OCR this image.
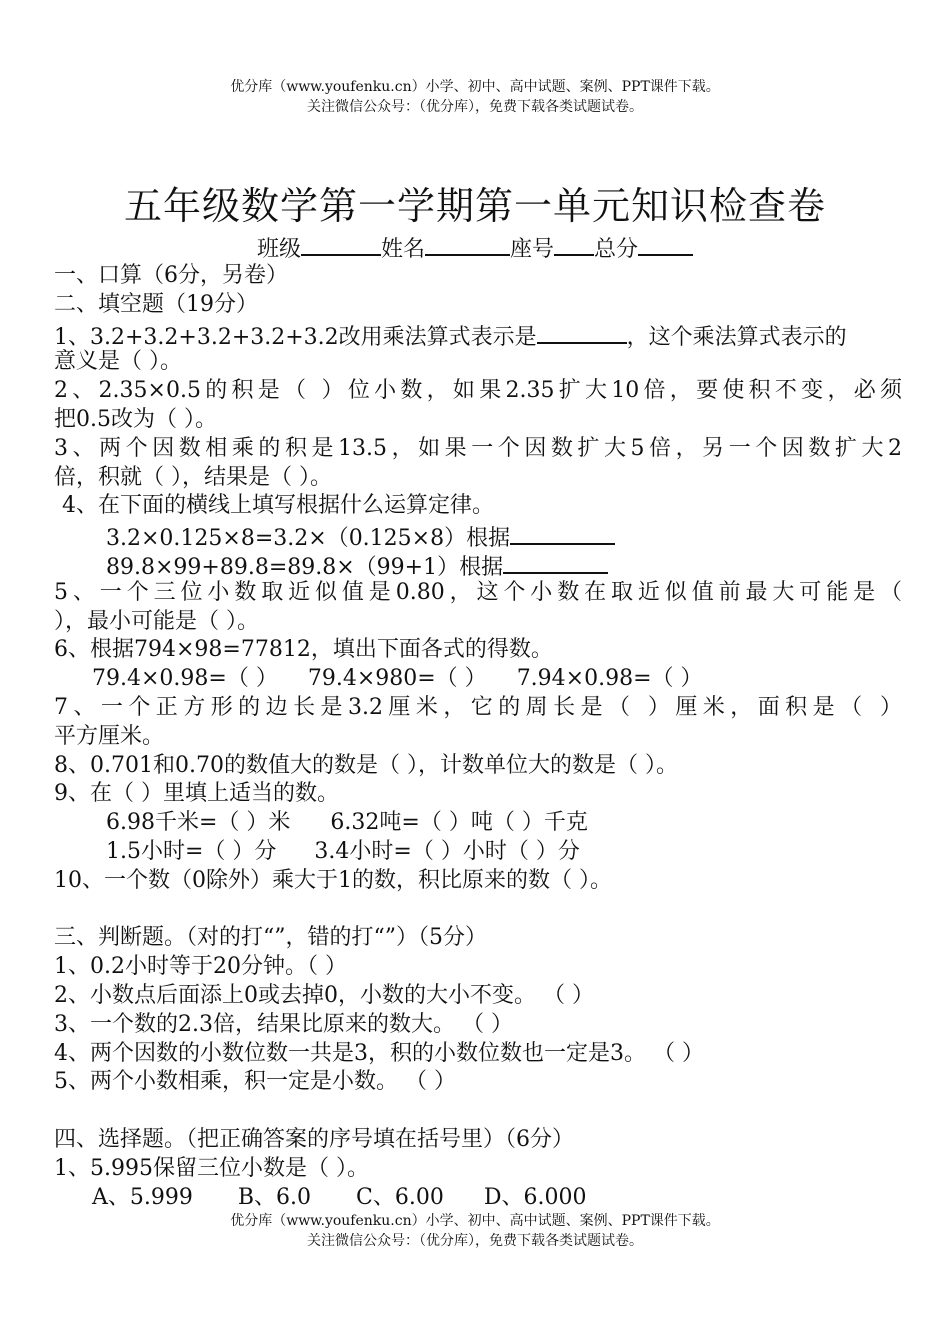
优分库（www.youfenku.cn）小学、初中、高中试题、案例、PPT课件下载。
关注微信公众号：（优分库），免费下载各类试题试卷。
五年级数学第一学期第一单元知识检查卷
班级	姓名	座号 总分
一、口算（6分，另卷）
二、填空题（19分）
1、3.2+3.2+3.2+3.2+3.2改用乘法算式表示是	，这个乘法算式表示的
意义是（ ）。
2、2.35×0.5的积是（ ）位小数，如果2.35扩大10倍，要使积不变，必须
把0.5改为（ ）。
3、两个因数相乘的积是13.5，如果一个因数扩大5倍，另一个因数扩大2
倍，积就（ ），结果是（ ）。
4、在下面的横线上填写根据什么运算定律。
3.2×0.125×8=3.2×（0.125×8）根据
89.8×99+89.8=89.8×（99+1）根据
5、一个三位小数取近似值是0.80，这个小数在取近似值前最大可能是（
），最小可能是（ ）。
6、根据794×98=77812，填出下面各式的得数。
79.4×0.98=（ ） 79.4×980=（ ） 7.94×0.98=（ ）
7、一个正方形的边长是3.2厘米，它的周长是（ ）厘米，面积是（ ）
平方厘米。
8、0.701和0.70的数值大的数是（ ），计数单位大的数是（ ）。
9、在（ ）里填上适当的数。
6.98千米=（ ）米 6.32吨=（ ）吨（ ）千克
1.5小时=（ ）分 3.4小时=（ ）小时（ ）分
10、一个数（0除外）乘大于1的数，积比原来的数（ ）。
三、判断题。（对的打“”，错的打“”）（5分）
1、0.2小时等于20分钟。（ ）
2、小数点后面添上0或去掉0，小数的大小不变。 （ ）
3、一个数的2.3倍，结果比原来的数大。 （ ）
4、两个因数的小数位数一共是3，积的小数位数也一定是3。 （ ）
5、两个小数相乘，积一定是小数。 （ ）
四、选择题。（把正确答案的序号填在括号里）（6分）
1、5.995保留三位小数是（ ）。
A、5.999 B、6.0 C、6.00 D、6.000
优分库（www.youfenku.cn）小学、初中、高中试题、案例、PPT课件下载。
关注微信公众号：（优分库），免费下载各类试题试卷。
